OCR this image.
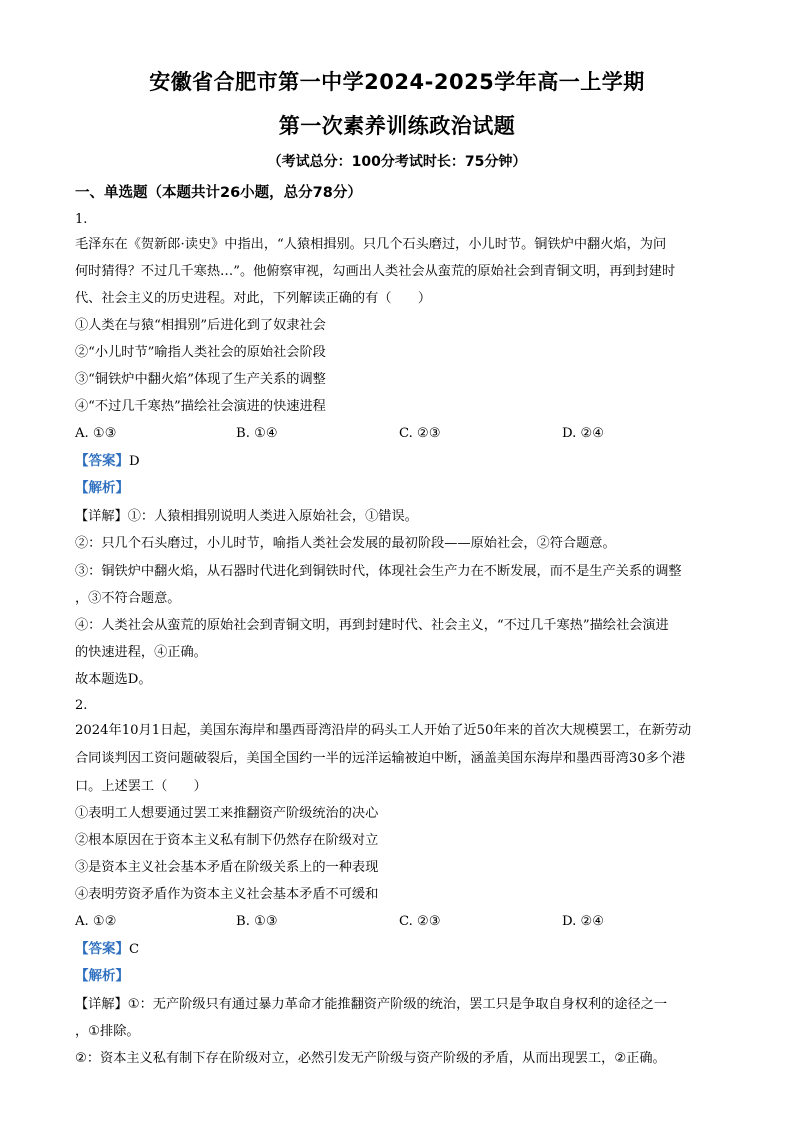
安徽省合肥市第一中学2024-2025学年高一上学期
第一次素养训练政治试题
（考试总分：100分考试时长：75分钟）
一、单选题（本题共计26小题，总分78分）
1.
毛泽东在《贺新郎·读史》中指出，“人猿相揖别。只几个石头磨过，小儿时节。铜铁炉中翻火焰，为问
何时猜得？不过几千寒热…”。他俯察审视，勾画出人类社会从蛮荒的原始社会到青铜文明，再到封建时
代、社会主义的历史进程。对此，下列解读正确的有（　　）
①人类在与猿“相揖别”后进化到了奴隶社会
②“小儿时节”喻指人类社会的原始社会阶段
③“铜铁炉中翻火焰”体现了生产关系的调整
④“不过几千寒热”描绘社会演进的快速进程
A. ①③	B. ①④	C. ②③	D. ②④
【答案】D
【解析】
【详解】①：人猿相揖别说明人类进入原始社会，①错误。
②：只几个石头磨过，小儿时节，喻指人类社会发展的最初阶段——原始社会，②符合题意。
③：铜铁炉中翻火焰，从石器时代进化到铜铁时代，体现社会生产力在不断发展，而不是生产关系的调整
，③不符合题意。
④：人类社会从蛮荒的原始社会到青铜文明，再到封建时代、社会主义，“不过几千寒热”描绘社会演进
的快速进程，④正确。
故本题选D。
2.
2024年10月1日起，美国东海岸和墨西哥湾沿岸的码头工人开始了近50年来的首次大规模罢工，在新劳动
合同谈判因工资问题破裂后，美国全国约一半的远洋运输被迫中断，涵盖美国东海岸和墨西哥湾30多个港
口。上述罢工（　　）
①表明工人想要通过罢工来推翻资产阶级统治的决心
②根本原因在于资本主义私有制下仍然存在阶级对立
③是资本主义社会基本矛盾在阶级关系上的一种表现
④表明劳资矛盾作为资本主义社会基本矛盾不可缓和
A. ①②	B. ①③	C. ②③	D. ②④
【答案】C
【解析】
【详解】①：无产阶级只有通过暴力革命才能推翻资产阶级的统治，罢工只是争取自身权利的途径之一
，①排除。
②：资本主义私有制下存在阶级对立，必然引发无产阶级与资产阶级的矛盾，从而出现罢工，②正确。
